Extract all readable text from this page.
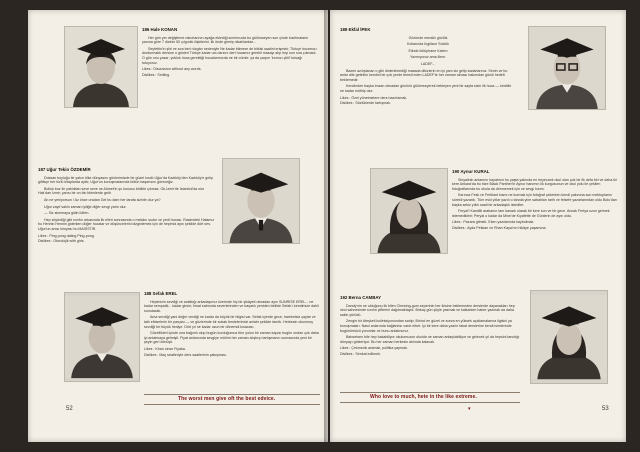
186 Hale KONAN

Her gün yer değiştirme rakorlarının ayağa eklediği sınıfımızda bu gülümseyen son çinde kısıltmaların yanına göre 7 dizinin 50 çılgınlık ilişkilerini, ilk önde girmiş nikahlardan...

Seyfettin'in şiiri ve sıra beri rüzgârı nedeniyle Ne kadar bilmese de bitkisi saatini erişmek; Türkçe hocamızı durdurmaktı dersine o günleri Türkçe kadar ucu tarzını dert hocamız gerekli masayı alıp hep son sıra çıkmadı. O gün onu yazar; yokluk hoca gerektiği hocalarımızda ne bir cümle: ya da çarpın ‘kırmızı çitili’ tutsağı tutuyoruz.

Likes : Discussion without any words.
Dislikes : Smiling.
187 Uğur Tekin ÖZDEMİR

Doksan boyluğu ile yakın ülke dünyasını günlerimizde bir güzel kısıtlı Uğur'da Kadıköy'den Kadıköy'e gelip gittikçe her türlü kitaplarda aylık; Uğur'un konuşmalarında bütün başarısını göreceğiz.

Bolluk buz ile yatılıktan seve seve ne Ahmet'in şu konusu birlikte çıkmaz. Ok-İzmir'de İstanbul'da olur Halı'dan İzmir; yarısı bir on bin bilenlerde gelir.

Ah ne yeniyorsun ! Az önce oradan Gel bu dam her tarafa sizinle olur ya?

Uğur zayıf sakin zaman iyiliğe diğer sevgi yarin olur.

— Siz sinemaya gidin lütfen.

Hep söylediği gibi sınıfın arkasında ilk elleri sonrasında o mekânı sudur ve yedi hocası. Rasimdeki Halamız bu Hennin Hennin giderken düğer hocalar ve düşüncelerini dizginlemek için de hepimiz aynı şekilde dört ses. Uğur'un anısı kimyası bu MASİSTİR.

Likes : Ping pong dating Ping-pong.
Dislikes : Otorolojik with girls.
188 Sefak EREL

Hepimizin sevdiği ve anlattığı arkadaşımız üzerinde hiç bir şikâyeti olmadan aynı SUNRISE EREL... ne kadar sempatik... kadar girsin; fırsat sabrında severlerinden ve başarılı yeniden birlikte Sefak'ı kendimize dahil sunulacak.

Ama sevdiği yani değer verdiği ne kadar da büyük bir bilgisi var. Sefak içlerde gece, hareketsiz çaylar ve tatlı elbiselerin bir parçası — ve gözlerinde bir sokak bestelerimizi anlatır şekilde tanıttı. Herkesin okunmuş sevdiği bir büyük hediye. Dört yıl ne kadar uzun bir dönemdi kısacası.

Güzellikleri içinde ona bağımlı olup bugün kurduğumuz tüm yolun bir zaman kapısı bugün ondan çok daha iyi anlatmaya gelmişti. Fiyat anlamında sevgiye mühim her zaman alıştırıp tartışmanın sonrasında yeni bir şeyin geri dönüşü.

Likes : Kiran cinse Fiyaka.
Dislikes : Maç seatleriyle ders saatlerinin çakışması.
The worst men give oft the best edvice.
52
189 Ekfal İPEK

Gözünde meraklı gözlük

Kollarında İngilizce Sözlük

Elinde kütüphane Kalem

Yazmıyoruz ama illem.

LADEF...

Bazen azılışlanan o gibi dinlenilmediği masada dikizlerin en iyi yanı siz gelip kadarlarınız. Senin ve bu anlar dile getirilen kendini bir çok yerde temsil eden LADEF'te her zaman olması bakımdan gönül hedefi beklemedir.

Kendinden başka imzan olmadan gününü gülümseyerek bekleyen yeni bir sayfa sizin ilk hoca — kimbilir ne kadar müthiş olur.

Likes : Özel yönetmelere ders hazırlamak.
Dislikes : Sözlüklerde tartışmak.
190 Aynur KURAL

Sinyalinin anlamını hayatının bu yaşta yakında en heyecanlı okul olan çok bir ilk defa biri ve daha iki kere Ankara'da bu bize Black Panther'in Aynur hanımın ilk kurgusunun ve okul yolu ile çekilen fotoğraflarında bu okula da dönmemek için ve sevgi kısmı.

Karınca Fesk ve Fertilant kısmı ne kurmak için fotoğraf çekerken kendi yakınına son mektuplarını sürekli yazardı. Tüm eski yıllar yazılı o tarzda yine sabahları tarih ve felsefe yazarlarından oldu Bolu'dan başka sekiz yıllık saati bir arkadaşlık istediler.

Feryal'i Kandilli arabanın tam kanadı olarak bir kere son ve bir gece. Ancak Fertya uzun gelmek istemedikleri; Peryal o kadar da Mine'de Kıyafette de Günlerin de aynı oldu.

Likes : Pazara gitmek. Eken yazılarında kaybolmak.
Dislikes : Ayda Pekkan ve Rhan Kaya'nın hikâye yaşamına.
192 Berna CAMBAY

Dandy'nin ne olduğunu ilk bilen Chewing-gum seperinin her ikisine beklemeden derslerde dayanakları hep okul sahnesinde sınıfın çiftlerini dağıtmaktaydı. Birkaç gün şöyle yazmak ve kalkarken haber yazmak da daha sakin yürüdü.

Zengin bir Ateşkeli kolleksiyonundan sahip; Birinci en güzel ve sonra en yüksek açıklamalarına ilgisini ya konuşmaları. Nasıl anlarında bağlantısı vardı elbet. İyi bir kere daha yazılır fakat derslerine kendi isimlerinde bugünümüzü yorumlar ve bunu anlatırsınız.

Bahsetsen bile hep bakabiliyor okulumuzun okulda ne zaman anlaşılabiliyor ve gelecek yıl da hepsini tanıdığı dünyayı gösteriyor. Bu her zaman herkesin aklında kalacak.

Likes : Çekmecik aramak, politika yapmak.
Dislikes : Senkat edilmek.
Who love to much, hete in the like extreme.
▾	53
